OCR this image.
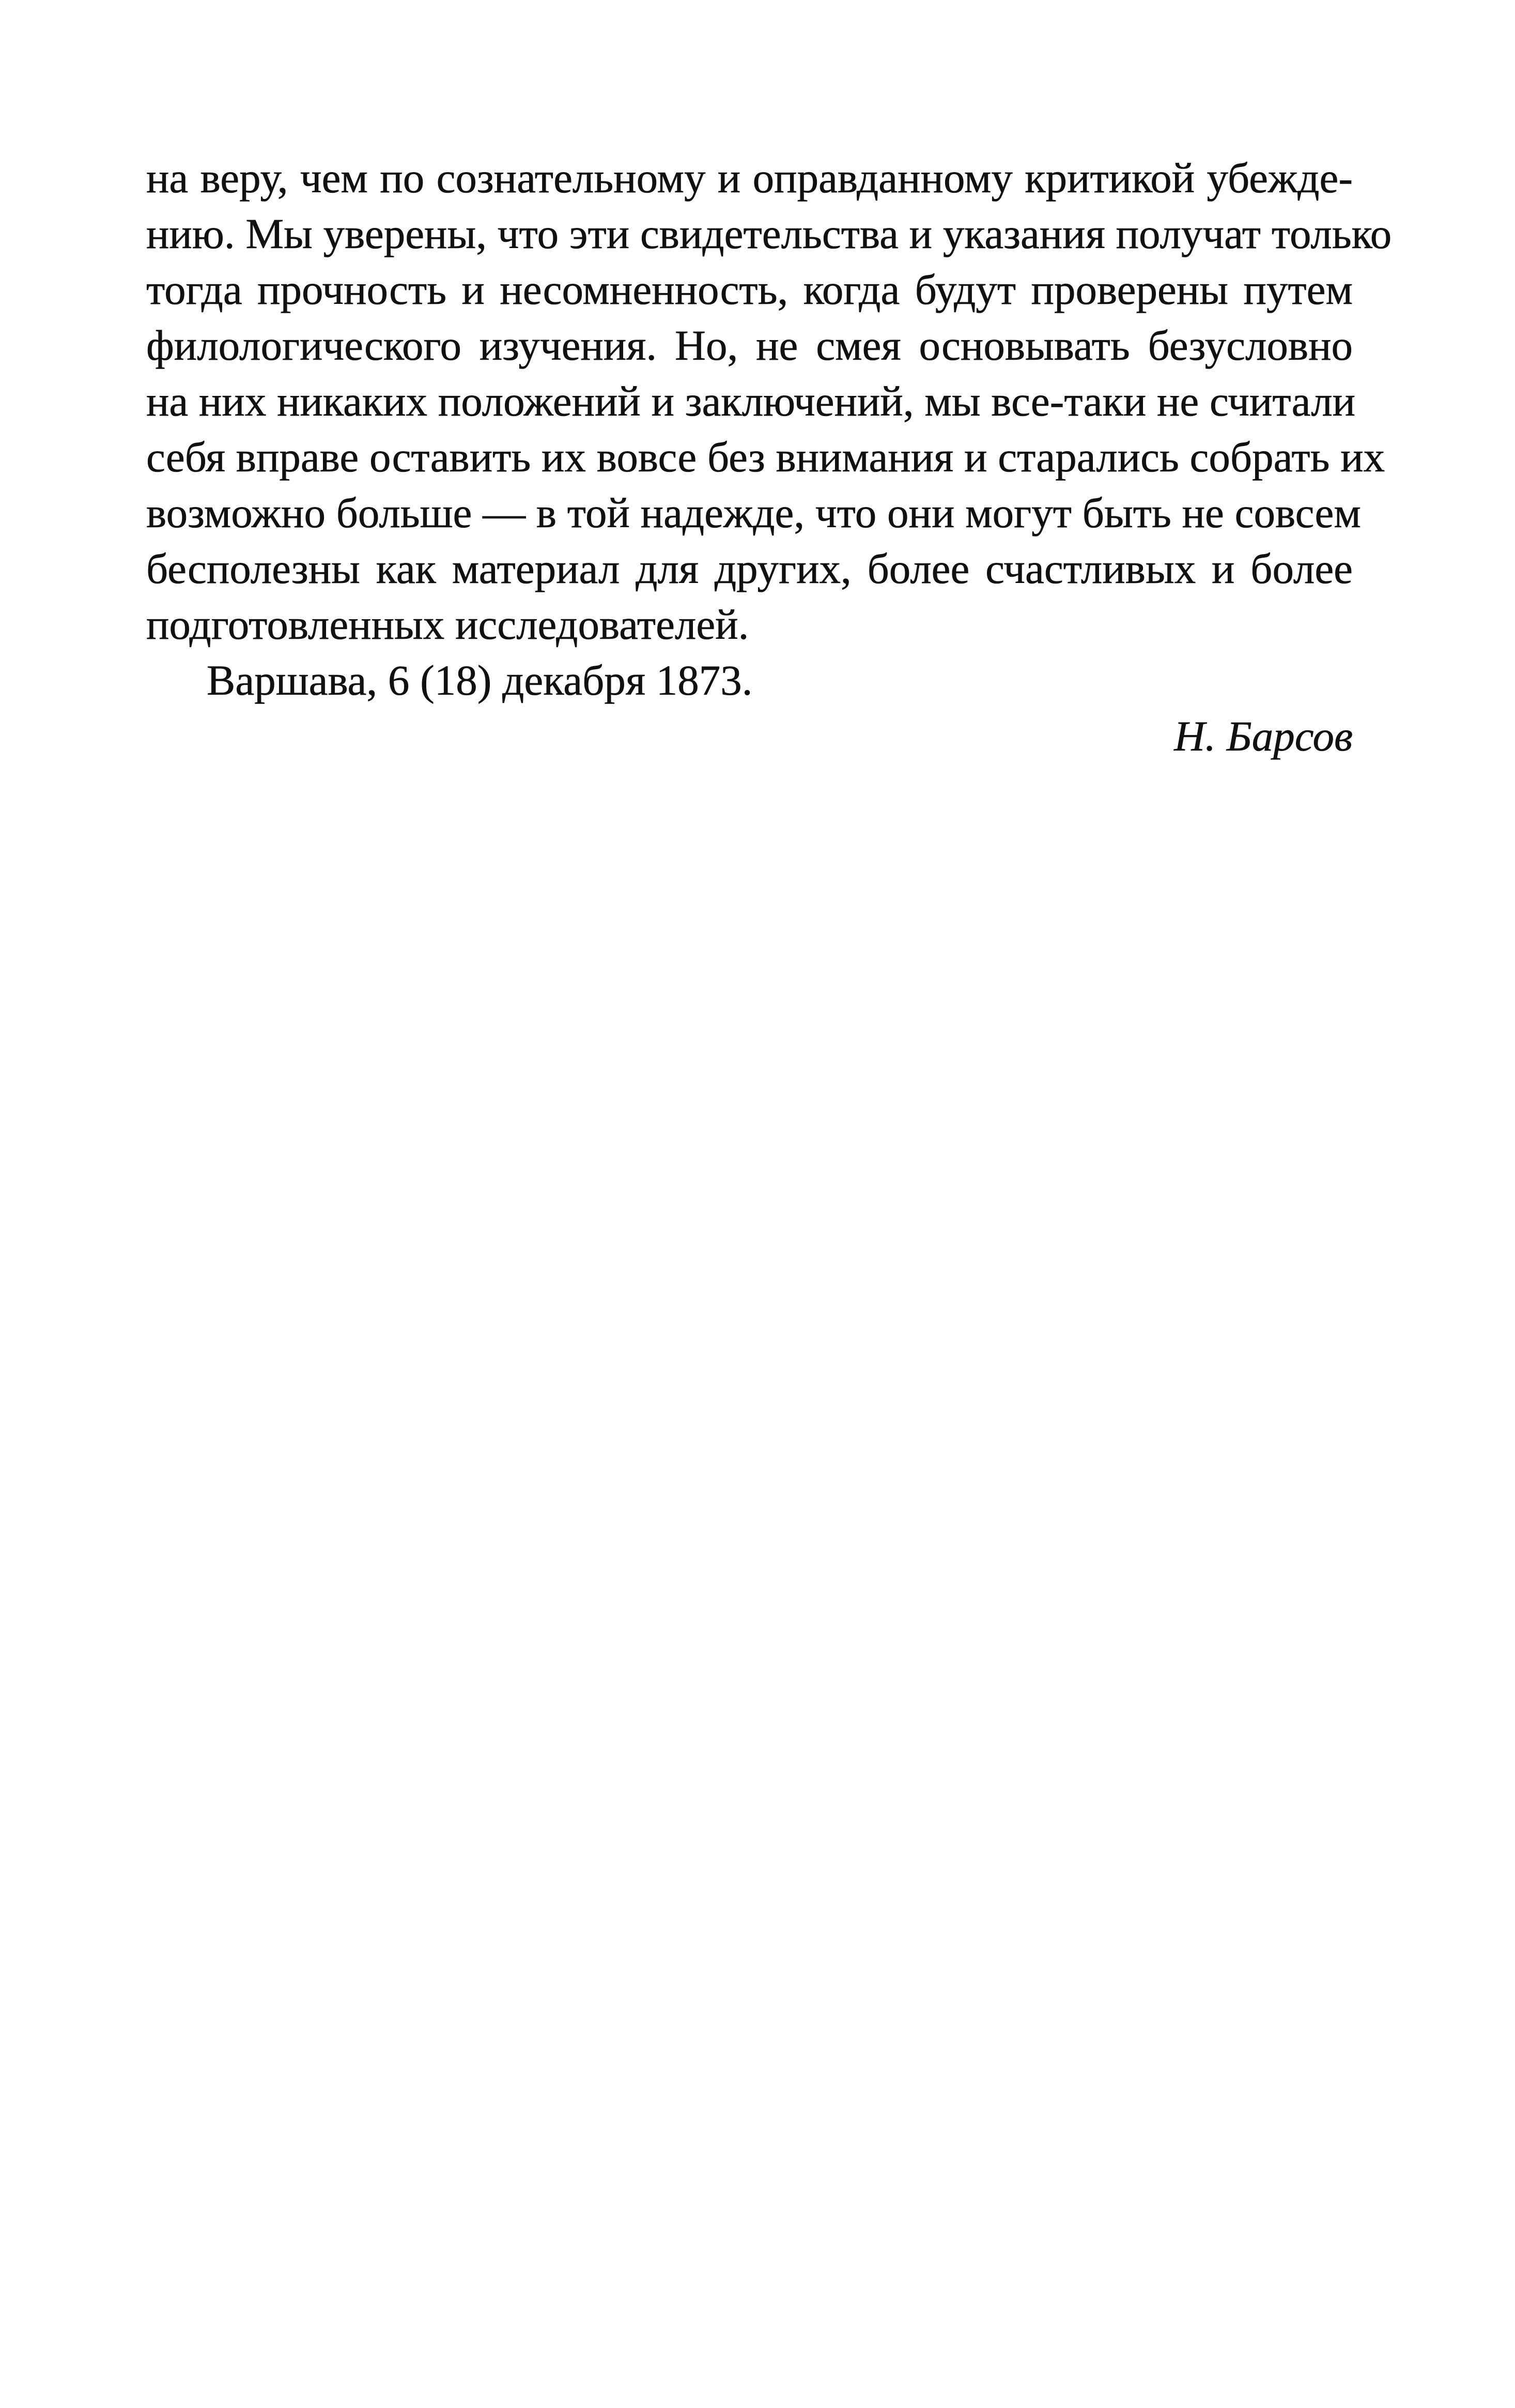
на веру, чем по сознательному и оправданному критикой убежде-
нию. Мы уверены, что эти свидетельства и указания получат только
тогда прочность и несомненность, когда будут проверены путем
филологического изучения. Но, не смея основывать безусловно
на них никаких положений и заключений, мы все-таки не считали
себя вправе оставить их вовсе без внимания и старались собрать их
возможно больше — в той надежде, что они могут быть не совсем
бесполезны как материал для других, более счастливых и более
подготовленных исследователей.
Варшава, 6 (18) декабря 1873.
Н. Барсов
